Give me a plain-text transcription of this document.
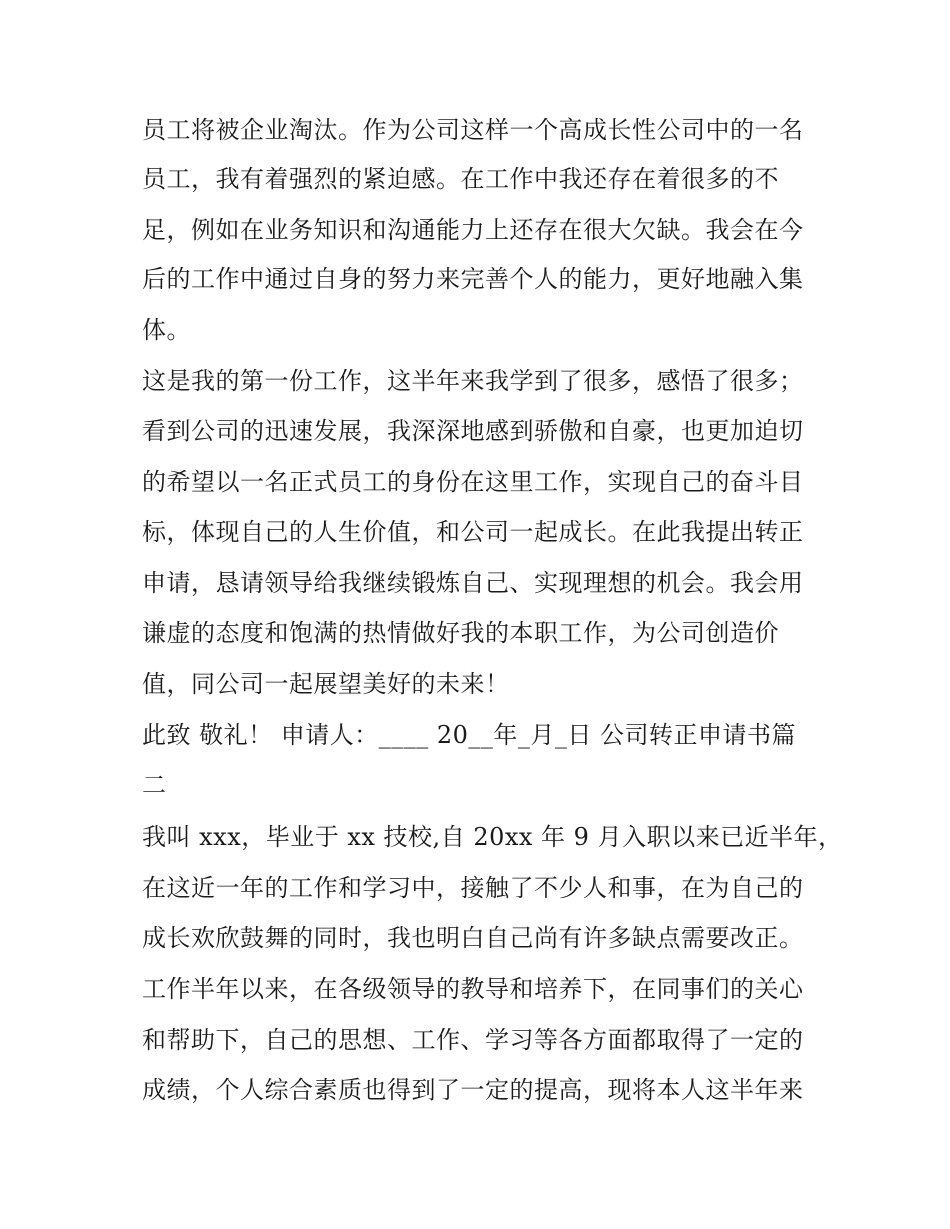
员工将被企业淘汰。作为公司这样一个高成长性公司中的一名
员工，我有着强烈的紧迫感。在工作中我还存在着很多的不
足，例如在业务知识和沟通能力上还存在很大欠缺。我会在今
后的工作中通过自身的努力来完善个人的能力，更好地融入集
体。
这是我的第一份工作，这半年来我学到了很多，感悟了很多；
看到公司的迅速发展，我深深地感到骄傲和自豪，也更加迫切
的希望以一名正式员工的身份在这里工作，实现自己的奋斗目
标，体现自己的人生价值，和公司一起成长。在此我提出转正
申请，恳请领导给我继续锻炼自己、实现理想的机会。我会用
谦虚的态度和饱满的热情做好我的本职工作，为公司创造价
值，同公司一起展望美好的未来！
此致 敬礼！ 申请人：____ 20__年_月_日 公司转正申请书篇
二
我叫 xxx，毕业于 xx 技校,自 20xx 年 9 月入职以来已近半年，
在这近一年的工作和学习中，接触了不少人和事，在为自己的
成长欢欣鼓舞的同时，我也明白自己尚有许多缺点需要改正。
工作半年以来，在各级领导的教导和培养下，在同事们的关心
和帮助下，自己的思想、工作、学习等各方面都取得了一定的
成绩，个人综合素质也得到了一定的提高，现将本人这半年来
